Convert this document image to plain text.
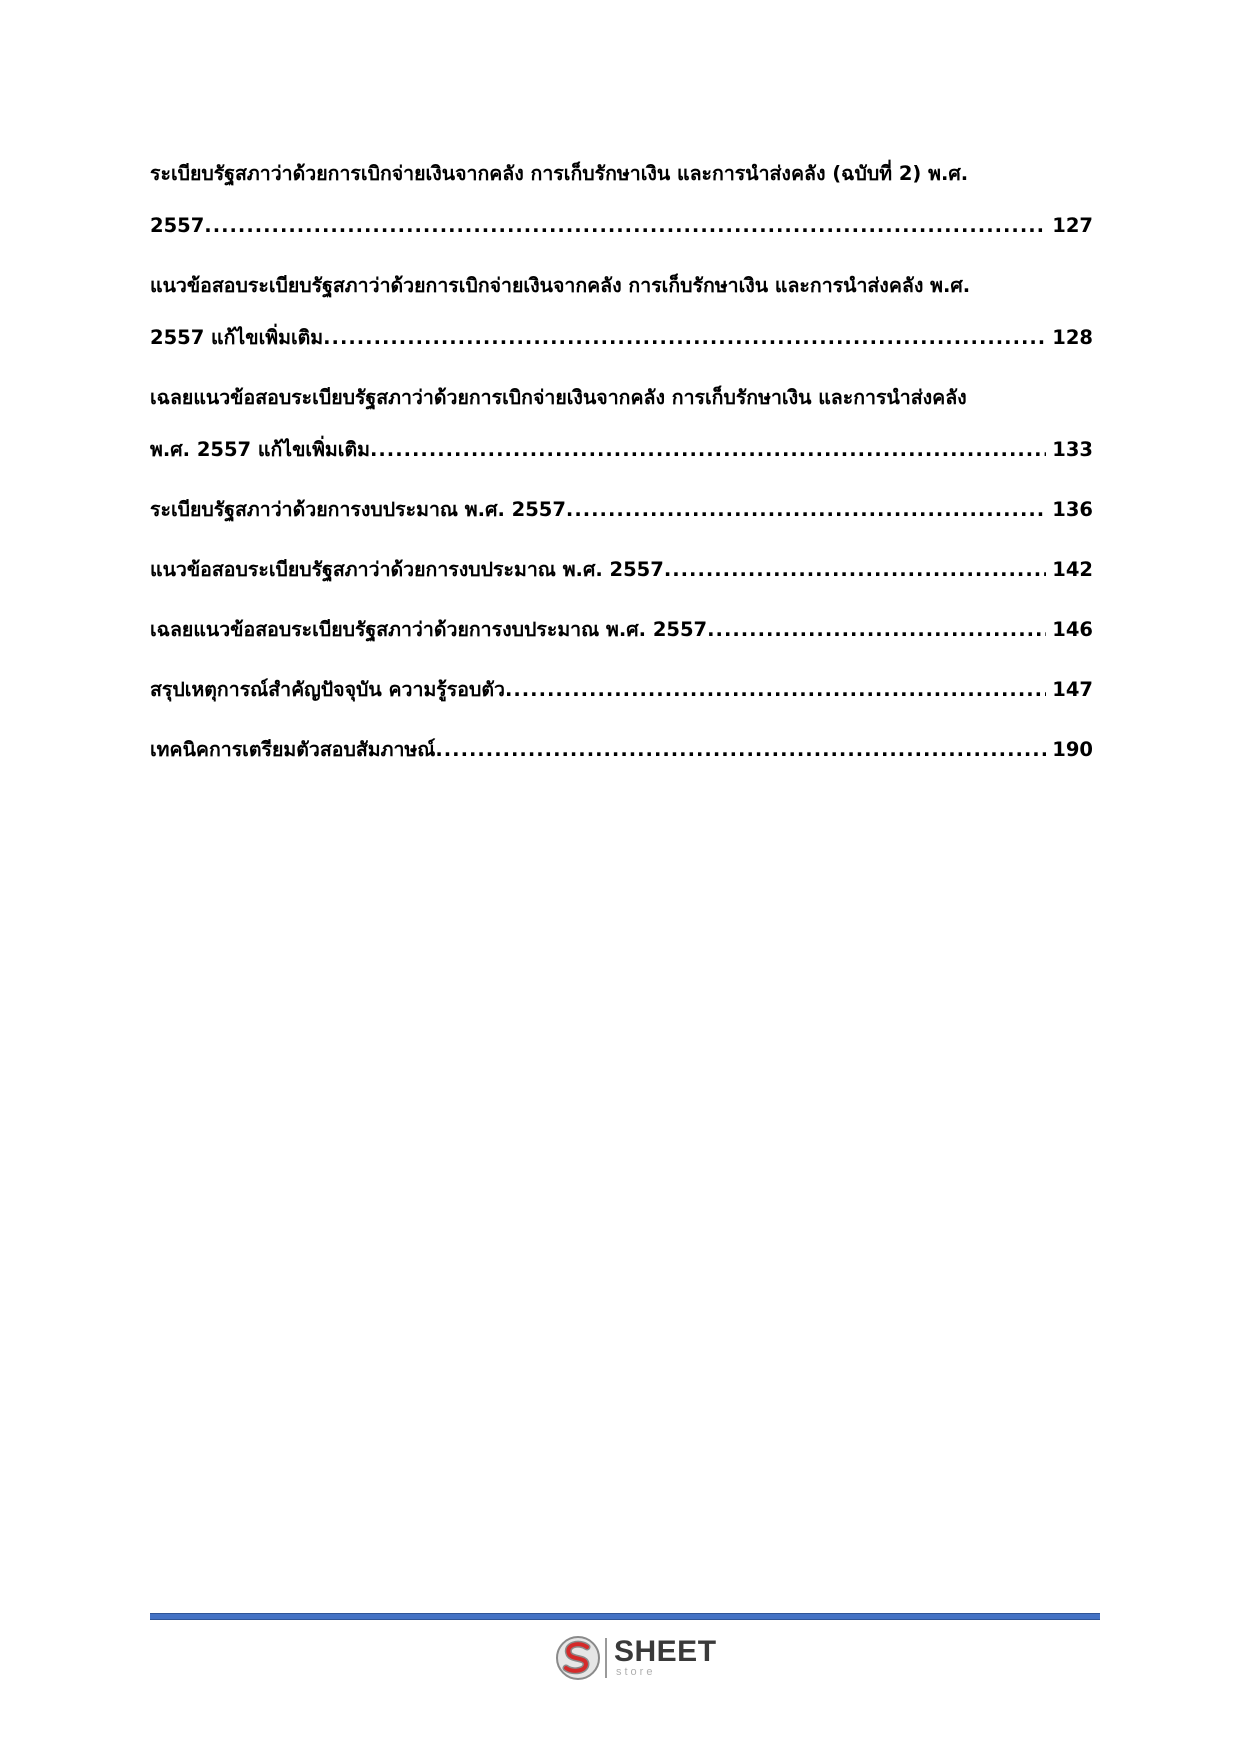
ระเบียบรัฐสภาว่าด้วยการเบิกจ่ายเงินจากคลัง การเก็บรักษาเงิน และการนำส่งคลัง (ฉบับที่ 2) พ.ศ.
2557 .....	127
แนวข้อสอบระเบียบรัฐสภาว่าด้วยการเบิกจ่ายเงินจากคลัง การเก็บรักษาเงิน และการนำส่งคลัง พ.ศ.
2557 แก้ไขเพิ่มเติม .....	128
เฉลยแนวข้อสอบระเบียบรัฐสภาว่าด้วยการเบิกจ่ายเงินจากคลัง การเก็บรักษาเงิน และการนำส่งคลัง
พ.ศ. 2557 แก้ไขเพิ่มเติม .....	133
ระเบียบรัฐสภาว่าด้วยการงบประมาณ พ.ศ. 2557 .....	136
แนวข้อสอบระเบียบรัฐสภาว่าด้วยการงบประมาณ พ.ศ. 2557 .....	142
เฉลยแนวข้อสอบระเบียบรัฐสภาว่าด้วยการงบประมาณ พ.ศ. 2557 .....	146
สรุปเหตุการณ์สำคัญปัจจุบัน ความรู้รอบตัว .....	147
เทคนิคการเตรียมตัวสอบสัมภาษณ์ .....	190
SHEET
store
